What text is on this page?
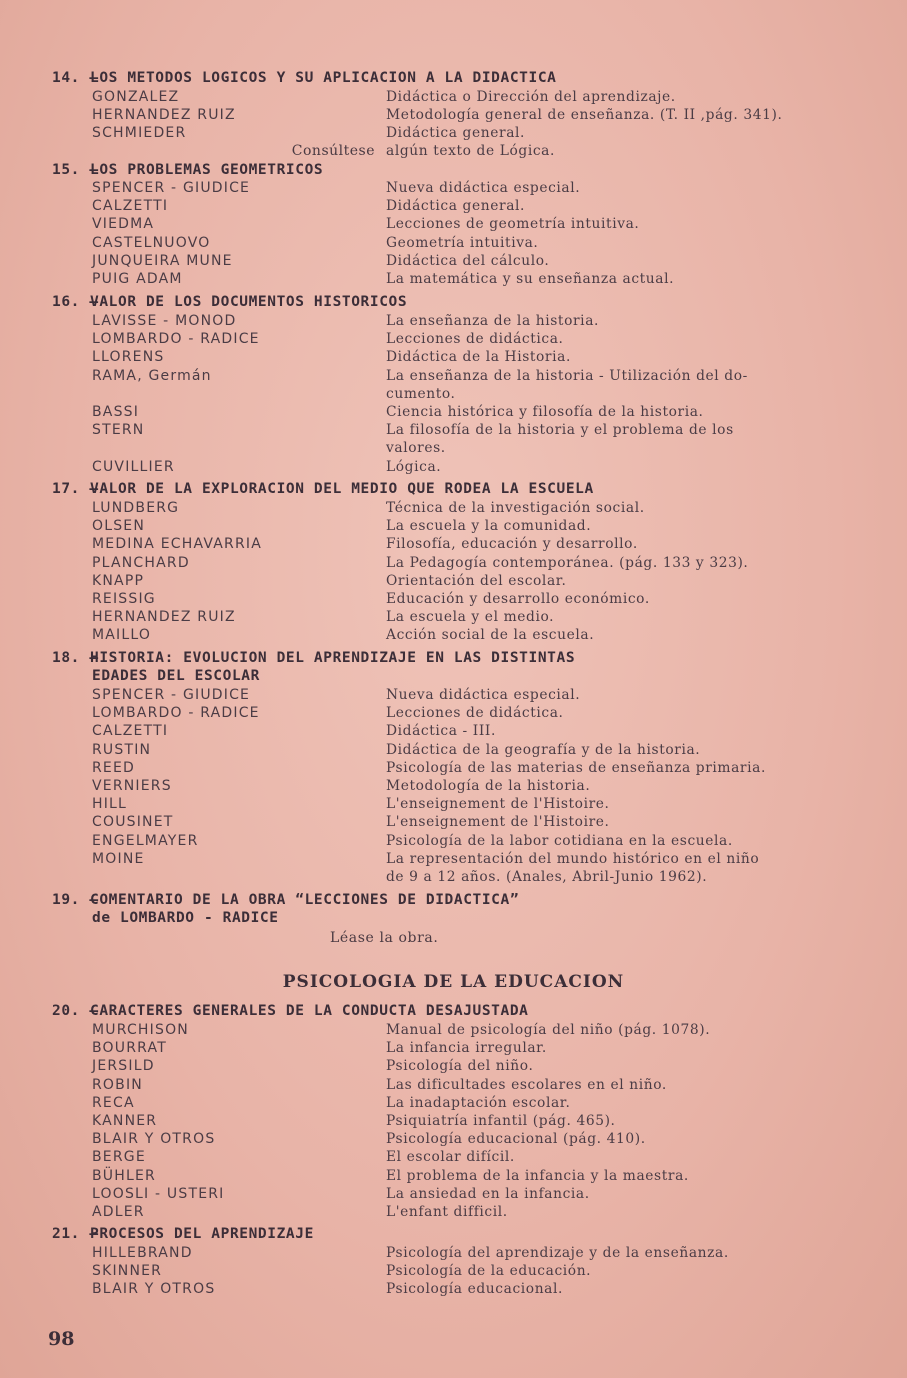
14. —LOS METODOS LOGICOS Y SU APLICACION A LA DIDACTICA
GONZALEZ	Didáctica o Dirección del aprendizaje.
HERNANDEZ RUIZ	Metodología general de enseñanza. (T. II ,pág. 341).
SCHMIEDER	Didáctica general.
Consúltese algún texto de Lógica.
15. —LOS PROBLEMAS GEOMETRICOS
SPENCER - GIUDICE	Nueva didáctica especial.
CALZETTI	Didáctica general.
VIEDMA	Lecciones de geometría intuitiva.
CASTELNUOVO	Geometría intuitiva.
JUNQUEIRA MUNE	Didáctica del cálculo.
PUIG ADAM	La matemática y su enseñanza actual.
16. —VALOR DE LOS DOCUMENTOS HISTORICOS
LAVISSE - MONOD	La enseñanza de la historia.
LOMBARDO - RADICE	Lecciones de didáctica.
LLORENS	Didáctica de la Historia.
RAMA, Germán	La enseñanza de la historia - Utilización del do-
cumento.
BASSI	Ciencia histórica y filosofía de la historia.
STERN	La filosofía de la historia y el problema de los
valores.
CUVILLIER	Lógica.
17. —VALOR DE LA EXPLORACION DEL MEDIO QUE RODEA LA ESCUELA
LUNDBERG	Técnica de la investigación social.
OLSEN	La escuela y la comunidad.
MEDINA ECHAVARRIA	Filosofía, educación y desarrollo.
PLANCHARD	La Pedagogía contemporánea. (pág. 133 y 323).
KNAPP	Orientación del escolar.
REISSIG	Educación y desarrollo económico.
HERNANDEZ RUIZ	La escuela y el medio.
MAILLO	Acción social de la escuela.
18. —HISTORIA: EVOLUCION DEL APRENDIZAJE EN LAS DISTINTAS
EDADES DEL ESCOLAR
SPENCER - GIUDICE	Nueva didáctica especial.
LOMBARDO - RADICE	Lecciones de didáctica.
CALZETTI	Didáctica - III.
RUSTIN	Didáctica de la geografía y de la historia.
REED	Psicología de las materias de enseñanza primaria.
VERNIERS	Metodología de la historia.
HILL	L'enseignement de l'Histoire.
COUSINET	L'enseignement de l'Histoire.
ENGELMAYER	Psicología de la labor cotidiana en la escuela.
MOINE	La representación del mundo histórico en el niño
de 9 a 12 años. (Anales, Abril-Junio 1962).
19. —COMENTARIO DE LA OBRA “LECCIONES DE DIDACTICA”
de LOMBARDO - RADICE
Léase la obra.
PSICOLOGIA DE LA EDUCACION
20. —CARACTERES GENERALES DE LA CONDUCTA DESAJUSTADA
MURCHISON	Manual de psicología del niño (pág. 1078).
BOURRAT	La infancia irregular.
JERSILD	Psicología del niño.
ROBIN	Las dificultades escolares en el niño.
RECA	La inadaptación escolar.
KANNER	Psiquiatría infantil (pág. 465).
BLAIR Y OTROS	Psicología educacional (pág. 410).
BERGE	El escolar difícil.
BÜHLER	El problema de la infancia y la maestra.
LOOSLI - USTERI	La ansiedad en la infancia.
ADLER	L'enfant difficil.
21. —PROCESOS DEL APRENDIZAJE
HILLEBRAND	Psicología del aprendizaje y de la enseñanza.
SKINNER	Psicología de la educación.
BLAIR Y OTROS	Psicología educacional.
98
